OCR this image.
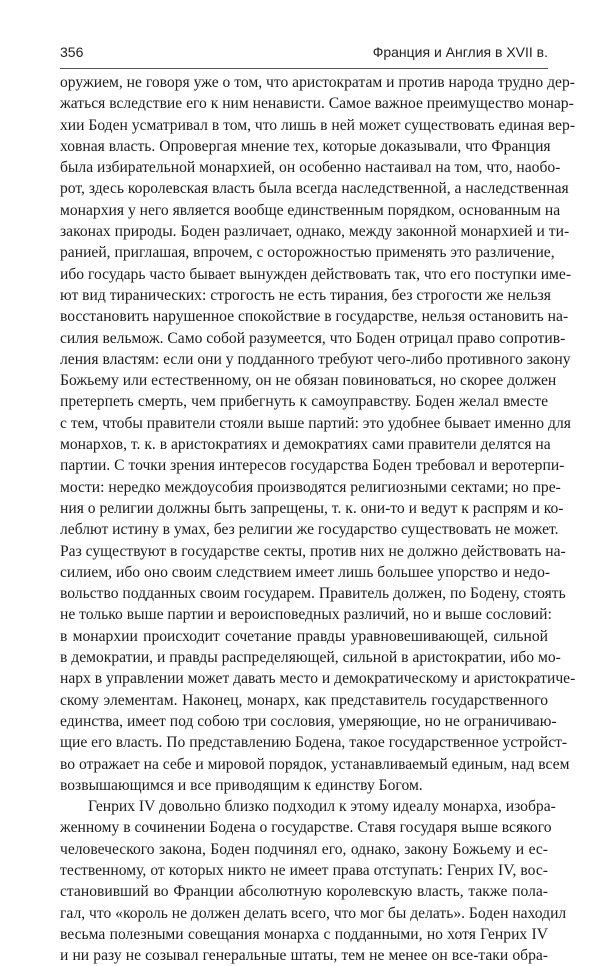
356	Франция и Англия в XVII в.
оружием, не говоря уже о том, что аристократам и против народа трудно дер-
жаться вследствие его к ним ненависти. Самое важное преимущество монар-
хии Боден усматривал в том, что лишь в ней может существовать единая вер-
ховная власть. Опровергая мнение тех, которые доказывали, что Франция
была избирательной монархией, он особенно настаивал на том, что, наобо-
рот, здесь королевская власть была всегда наследственной, а наследственная
монархия у него является вообще единственным порядком, основанным на
законах природы. Боден различает, однако, между законной монархией и ти-
ранией, приглашая, впрочем, с осторожностью применять это различение,
ибо государь часто бывает вынужден действовать так, что его поступки име-
ют вид тиранических: строгость не есть тирания, без строгости же нельзя
восстановить нарушенное спокойствие в государстве, нельзя остановить на-
силия вельмож. Само собой разумеется, что Боден отрицал право сопротив-
ления властям: если они у подданного требуют чего-либо противного закону
Божьему или естественному, он не обязан повиноваться, но скорее должен
претерпеть смерть, чем прибегнуть к самоуправству. Боден желал вместе
с тем, чтобы правители стояли выше партий: это удобнее бывает именно для
монархов, т. к. в аристократиях и демократиях сами правители делятся на
партии. С точки зрения интересов государства Боден требовал и веротерпи-
мости: нередко междоусобия производятся религиозными сектами; но пре-
ния о религии должны быть запрещены, т. к. они-то и ведут к распрям и ко-
леблют истину в умах, без религии же государство существовать не может.
Раз существуют в государстве секты, против них не должно действовать на-
силием, ибо оно своим следствием имеет лишь большее упорство и недо-
вольство подданных своим государем. Правитель должен, по Бодену, стоять
не только выше партии и вероисповедных различий, но и выше сословий:
в монархии происходит сочетание правды уравновешивающей, сильной
в демократии, и правды распределяющей, сильной в аристократии, ибо мо-
нарх в управлении может давать место и демократическому и аристократиче-
скому элементам. Наконец, монарх, как представитель государственного
единства, имеет под собою три сословия, умеряющие, но не ограничиваю-
щие его власть. По представлению Бодена, такое государственное устройст-
во отражает на себе и мировой порядок, устанавливаемый единым, над всем
возвышающимся и все приводящим к единству Богом.
Генрих IV довольно близко подходил к этому идеалу монарха, изобра-
женному в сочинении Бодена о государстве. Ставя государя выше всякого
человеческого закона, Боден подчинял его, однако, закону Божьему и ес-
тественному, от которых никто не имеет права отступать: Генрих IV, вос-
становивший во Франции абсолютную королевскую власть, также пола-
гал, что «король не должен делать всего, что мог бы делать». Боден находил
весьма полезными совещания монарха с подданными, но хотя Генрих IV
и ни разу не созывал генеральные штаты, тем не менее он все-таки обра-
